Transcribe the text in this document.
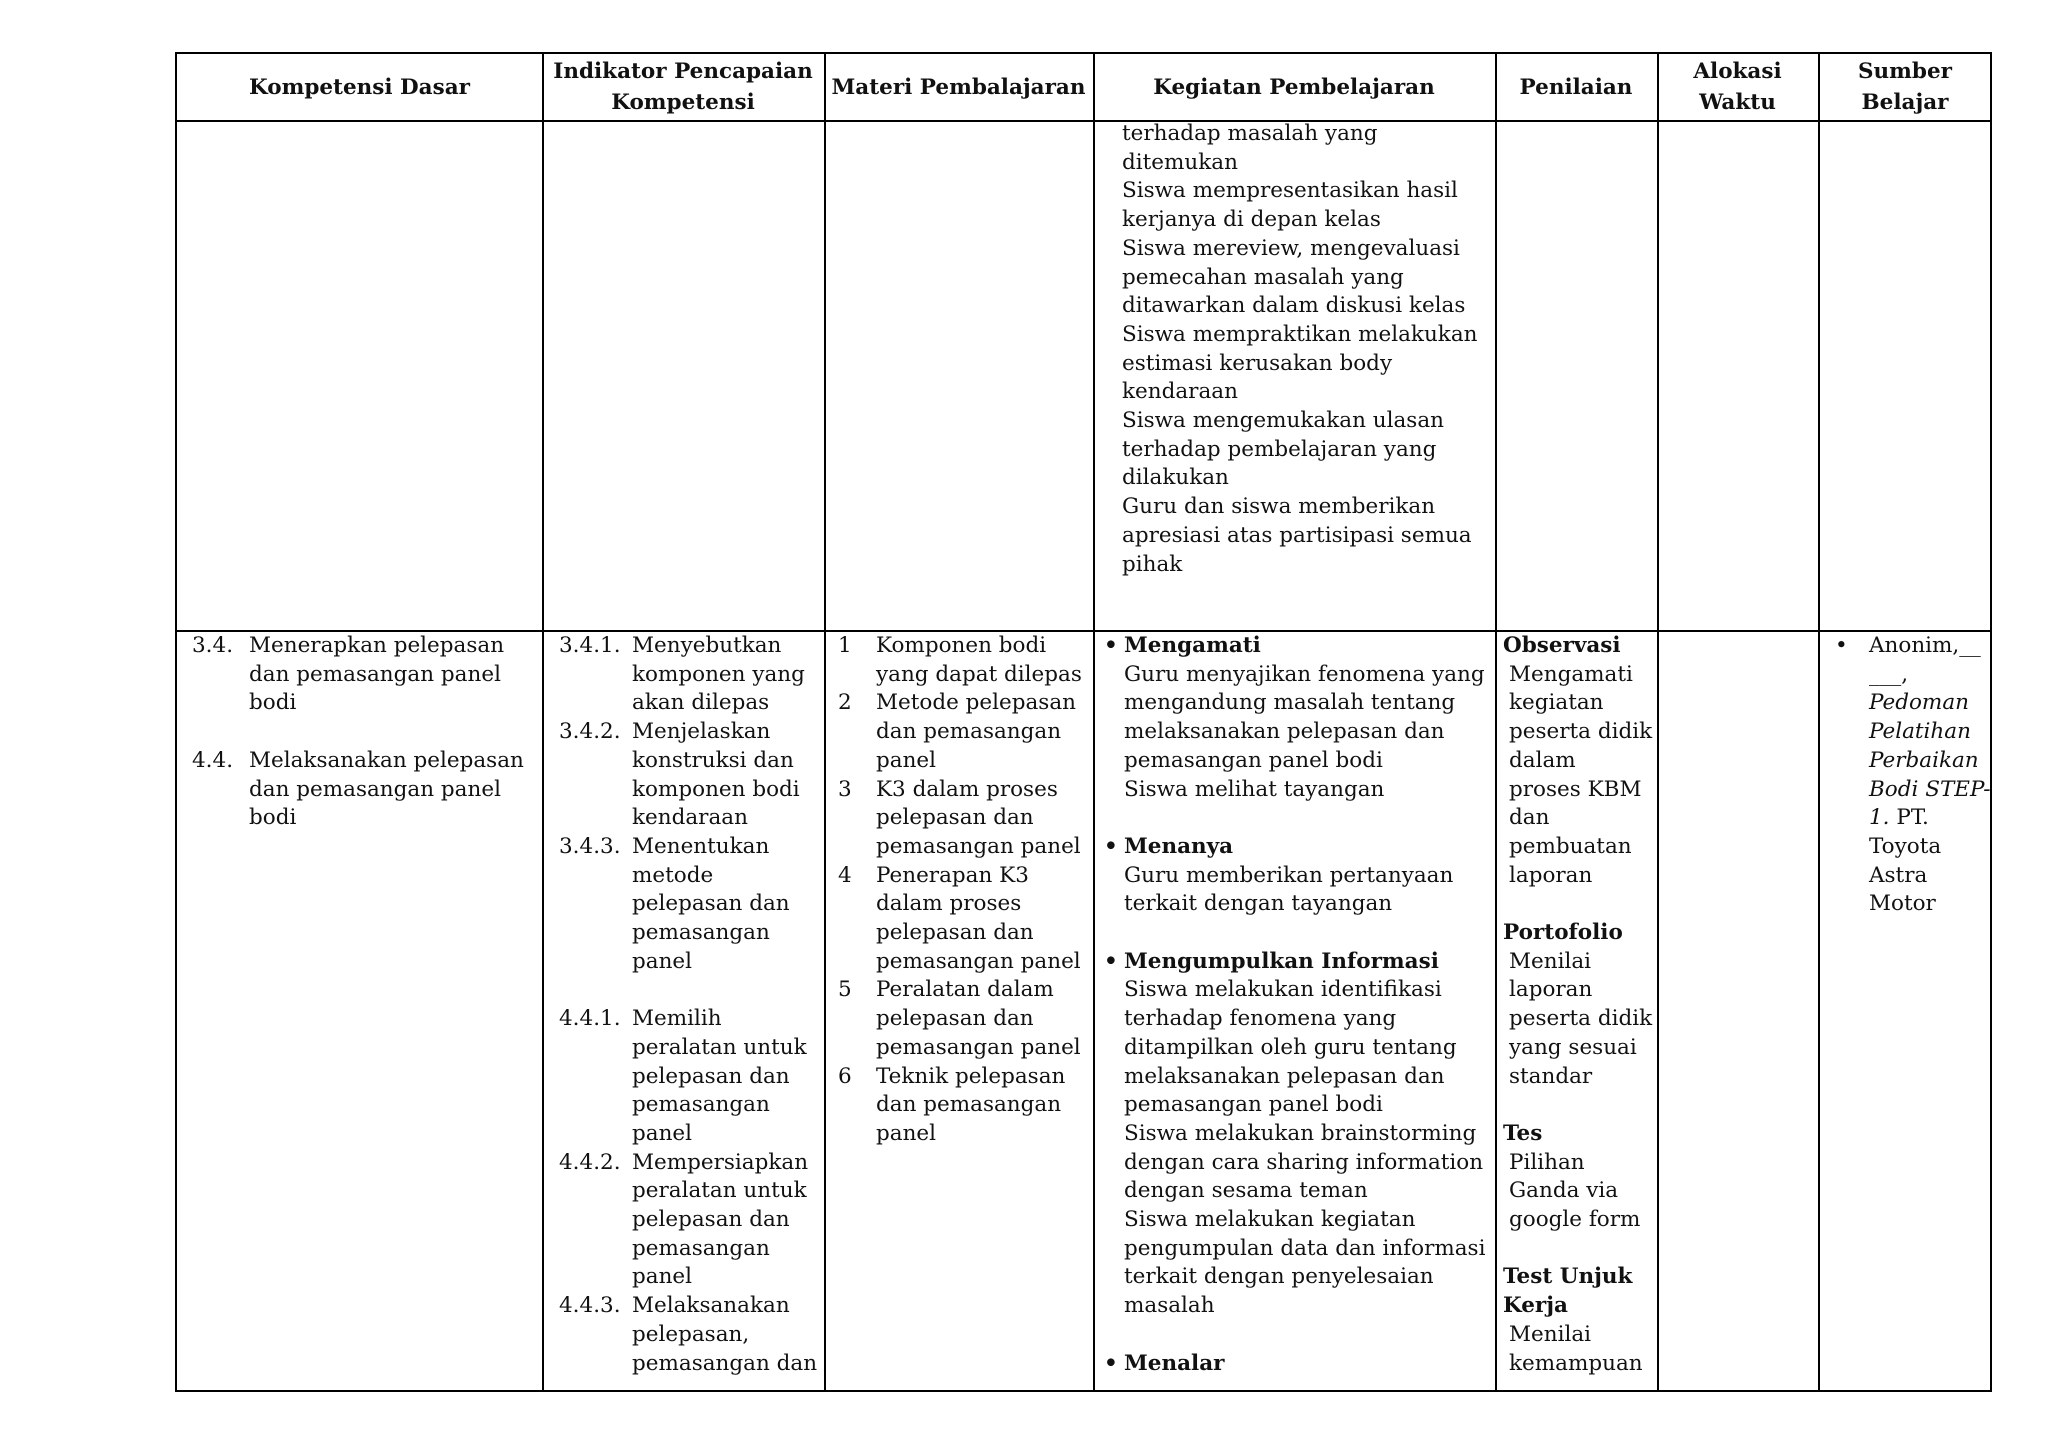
Kompetensi Dasar
Indikator Pencapaian Kompetensi
Materi Pembalajaran	Kegiatan Pembelajaran	Penilaian
Alokasi Waktu
Sumber Belajar
terhadap masalah yang
ditemukan
Siswa mempresentasikan hasil
kerjanya di depan kelas
Siswa mereview, mengevaluasi
pemecahan masalah yang
ditawarkan dalam diskusi kelas
Siswa mempraktikan melakukan
estimasi kerusakan body
kendaraan
Siswa mengemukakan ulasan
terhadap pembelajaran yang
dilakukan
Guru dan siswa memberikan
apresiasi atas partisipasi semua
pihak
3.4. Menerapkan pelepasan
dan pemasangan panel
bodi
4.4. Melaksanakan pelepasan
dan pemasangan panel
bodi
3.4.1. Menyebutkan
komponen yang
akan dilepas
3.4.2. Menjelaskan
konstruksi dan
komponen bodi
kendaraan
3.4.3. Menentukan
metode
pelepasan dan
pemasangan
panel
4.4.1. Memilih
peralatan untuk
pelepasan dan
pemasangan
panel
4.4.2. Mempersiapkan
peralatan untuk
pelepasan dan
pemasangan
panel
4.4.3. Melaksanakan
pelepasan,
pemasangan dan
1 Komponen bodi
yang dapat dilepas
2 Metode pelepasan
dan pemasangan
panel
3 K3 dalam proses
pelepasan dan
pemasangan panel
4 Penerapan K3
dalam proses
pelepasan dan
pemasangan panel
5 Peralatan dalam
pelepasan dan
pemasangan panel
6 Teknik pelepasan
dan pemasangan
panel
• Mengamati
Guru menyajikan fenomena yang
mengandung masalah tentang
melaksanakan pelepasan dan
pemasangan panel bodi
Siswa melihat tayangan
• Menanya
Guru memberikan pertanyaan
terkait dengan tayangan
• Mengumpulkan Informasi
Siswa melakukan identifikasi
terhadap fenomena yang
ditampilkan oleh guru tentang
melaksanakan pelepasan dan
pemasangan panel bodi
Siswa melakukan brainstorming
dengan cara sharing information
dengan sesama teman
Siswa melakukan kegiatan
pengumpulan data dan informasi
terkait dengan penyelesaian
masalah
• Menalar
Observasi
Mengamati
kegiatan
peserta didik
dalam
proses KBM
dan
pembuatan
laporan
Portofolio
Menilai
laporan
peserta didik
yang sesuai
standar
Tes
Pilihan
Ganda via
google form
Test Unjuk
Kerja
Menilai
kemampuan
• Anonim,__
___,
Pedoman
Pelatihan
Perbaikan
Bodi STEP-
1. PT.
Toyota
Astra
Motor
